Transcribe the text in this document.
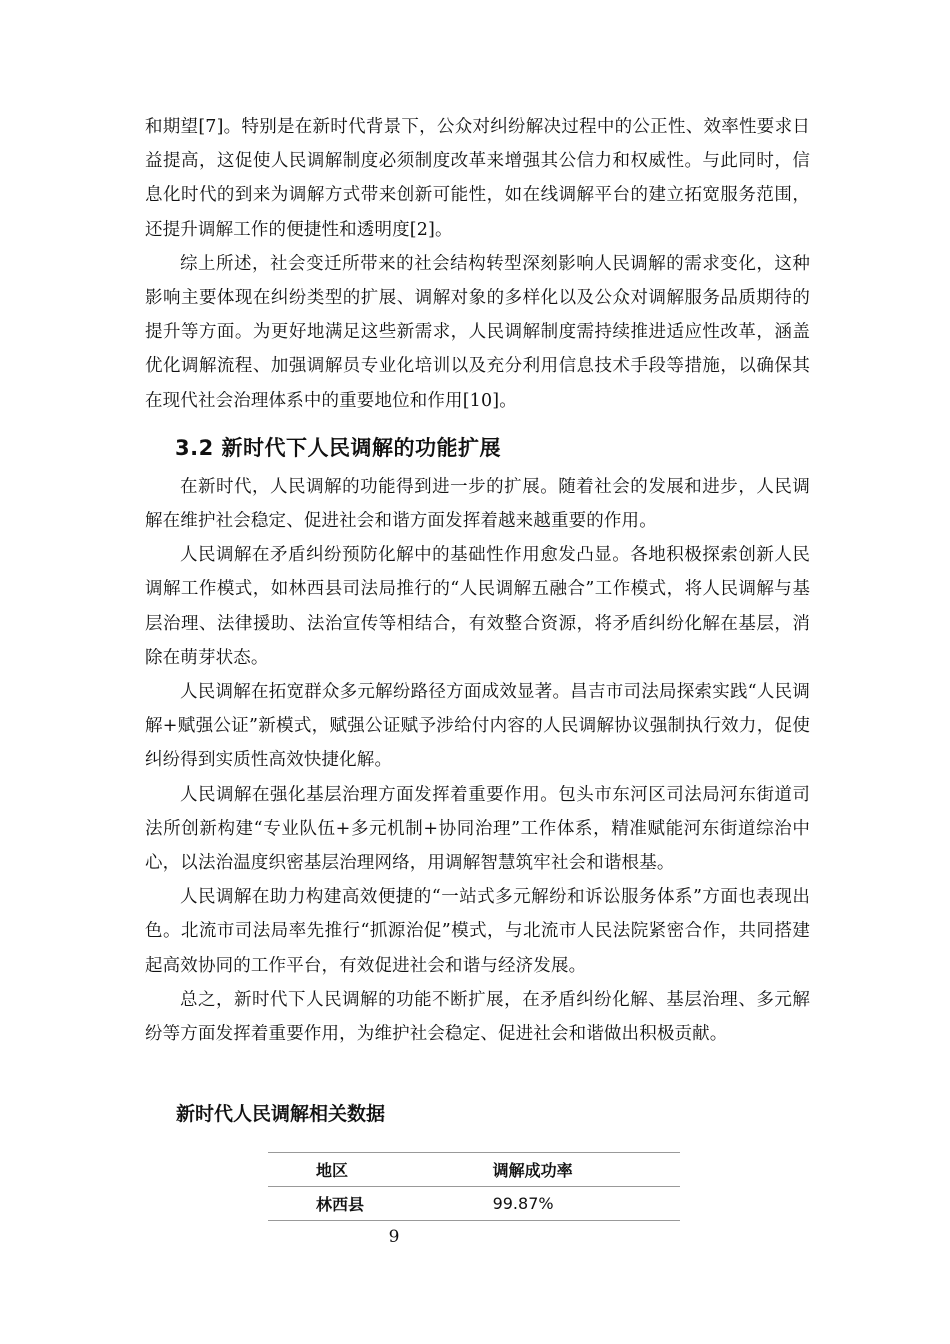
和期望[7]。特别是在新时代背景下，公众对纠纷解决过程中的公正性、效率性要求日益提高，这促使人民调解制度必须制度改革来增强其公信力和权威性。与此同时，信息化时代的到来为调解方式带来创新可能性，如在线调解平台的建立拓宽服务范围，还提升调解工作的便捷性和透明度[2]。

综上所述，社会变迁所带来的社会结构转型深刻影响人民调解的需求变化，这种影响主要体现在纠纷类型的扩展、调解对象的多样化以及公众对调解服务品质期待的提升等方面。为更好地满足这些新需求，人民调解制度需持续推进适应性改革，涵盖优化调解流程、加强调解员专业化培训以及充分利用信息技术手段等措施，以确保其在现代社会治理体系中的重要地位和作用[10]。

3.2 新时代下人民调解的功能扩展

在新时代，人民调解的功能得到进一步的扩展。随着社会的发展和进步，人民调解在维护社会稳定、促进社会和谐方面发挥着越来越重要的作用。

人民调解在矛盾纠纷预防化解中的基础性作用愈发凸显。各地积极探索创新人民调解工作模式，如林西县司法局推行的“人民调解五融合”工作模式，将人民调解与基层治理、法律援助、法治宣传等相结合，有效整合资源，将矛盾纠纷化解在基层，消除在萌芽状态。

人民调解在拓宽群众多元解纷路径方面成效显著。昌吉市司法局探索实践“人民调解+赋强公证”新模式，赋强公证赋予涉给付内容的人民调解协议强制执行效力，促使纠纷得到实质性高效快捷化解。

人民调解在强化基层治理方面发挥着重要作用。包头市东河区司法局河东街道司法所创新构建“专业队伍+多元机制+协同治理”工作体系，精准赋能河东街道综治中心，以法治温度织密基层治理网络，用调解智慧筑牢社会和谐根基。

人民调解在助力构建高效便捷的“一站式多元解纷和诉讼服务体系”方面也表现出色。北流市司法局率先推行“抓源治促”模式，与北流市人民法院紧密合作，共同搭建起高效协同的工作平台，有效促进社会和谐与经济发展。

总之，新时代下人民调解的功能不断扩展，在矛盾纠纷化解、基层治理、多元解纷等方面发挥着重要作用，为维护社会稳定、促进社会和谐做出积极贡献。

新时代人民调解相关数据
地区	调解成功率
林西县	99.87%
9
